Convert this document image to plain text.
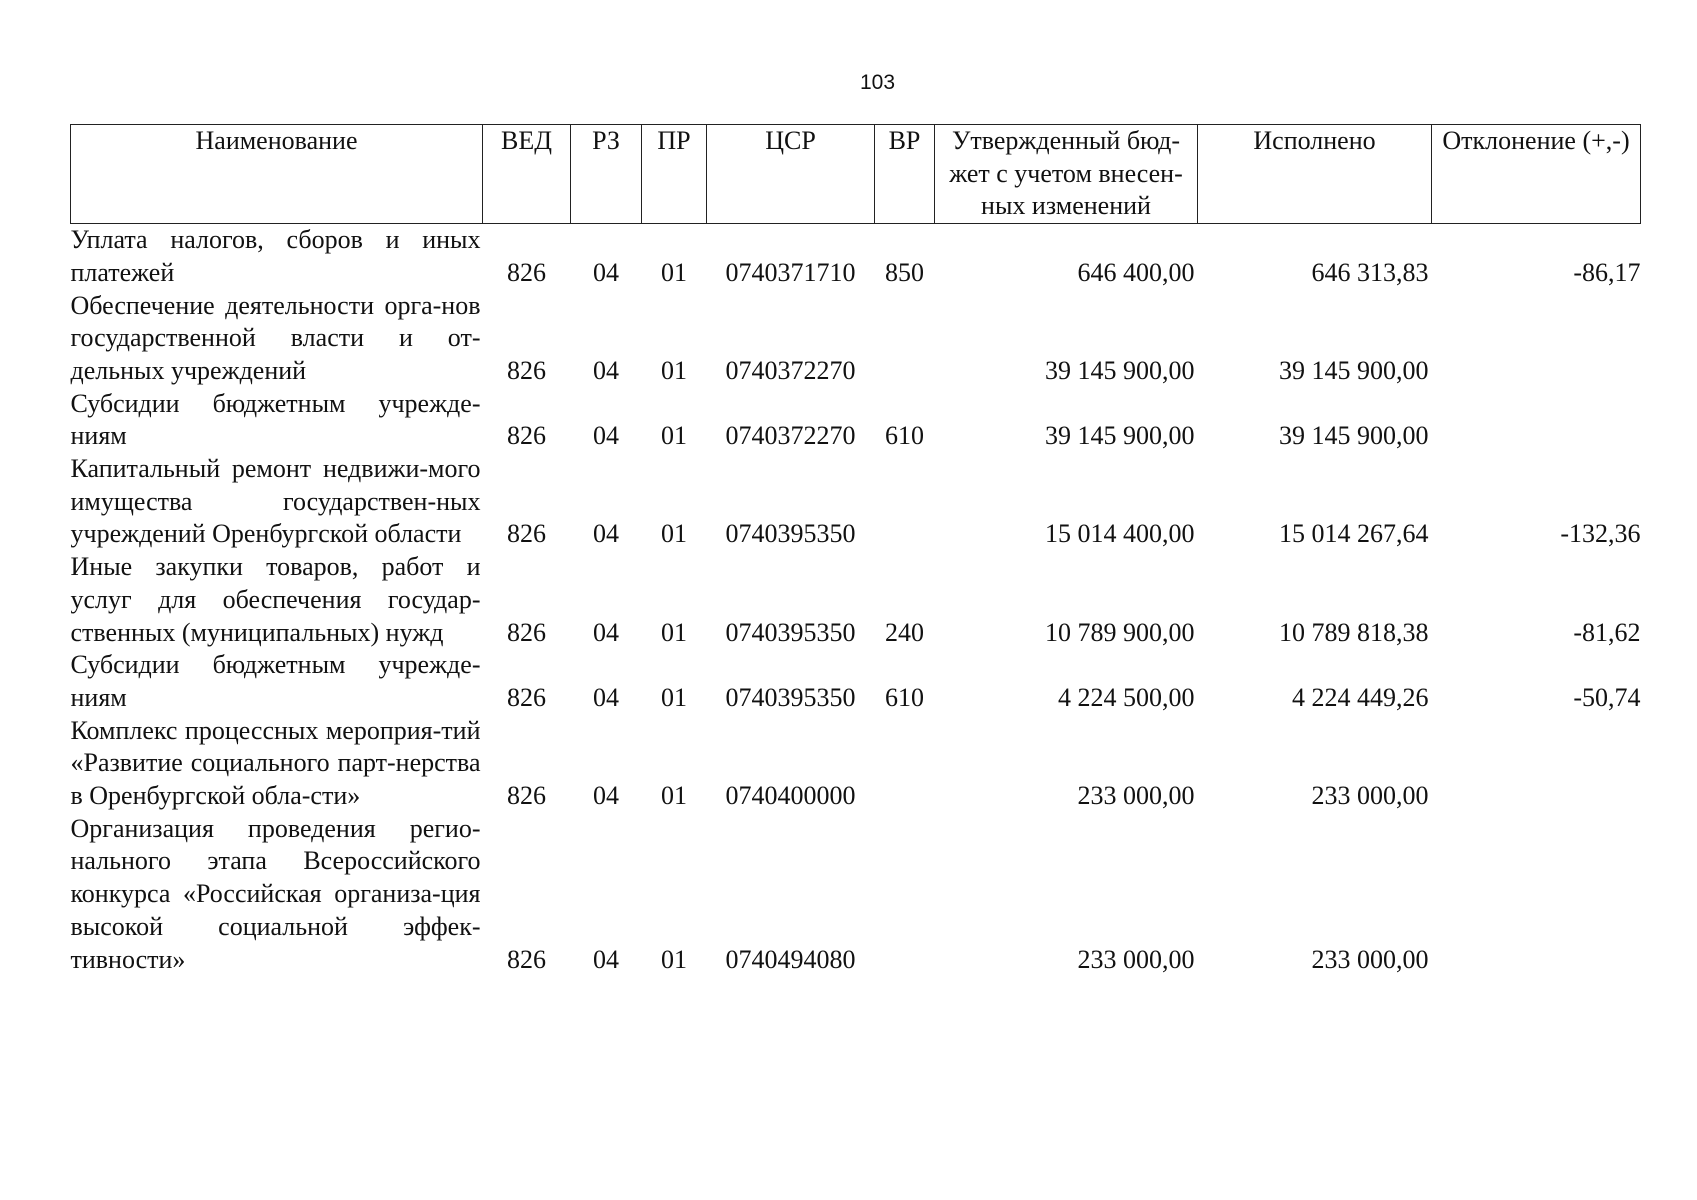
103
Наименование	ВЕД	РЗ	ПР	ЦСР	ВР	Утвержденный бюд-жет с учетом внесен-ных изменений	Исполнено	Отклонение (+,-)
Уплата налогов, сборов и иных платежей	826	04	01	0740371710	850	646 400,00	646 313,83	-86,17
Обеспечение деятельности орга-нов государственной власти и от-дельных учреждений	826	04	01	0740372270		39 145 900,00	39 145 900,00	
Субсидии бюджетным учрежде-ниям	826	04	01	0740372270	610	39 145 900,00	39 145 900,00	
Капитальный ремонт недвижи-мого имущества государствен-ных учреждений Оренбургской области	826	04	01	0740395350		15 014 400,00	15 014 267,64	-132,36
Иные закупки товаров, работ и услуг для обеспечения государ-ственных (муниципальных) нужд	826	04	01	0740395350	240	10 789 900,00	10 789 818,38	-81,62
Субсидии бюджетным учрежде-ниям	826	04	01	0740395350	610	4 224 500,00	4 224 449,26	-50,74
Комплекс процессных мероприя-тий «Развитие социального парт-нерства в Оренбургской обла-сти»	826	04	01	0740400000		233 000,00	233 000,00	
Организация проведения регио-нального этапа Всероссийского конкурса «Российская организа-ция высокой социальной эффек-тивности»	826	04	01	0740494080		233 000,00	233 000,00	
